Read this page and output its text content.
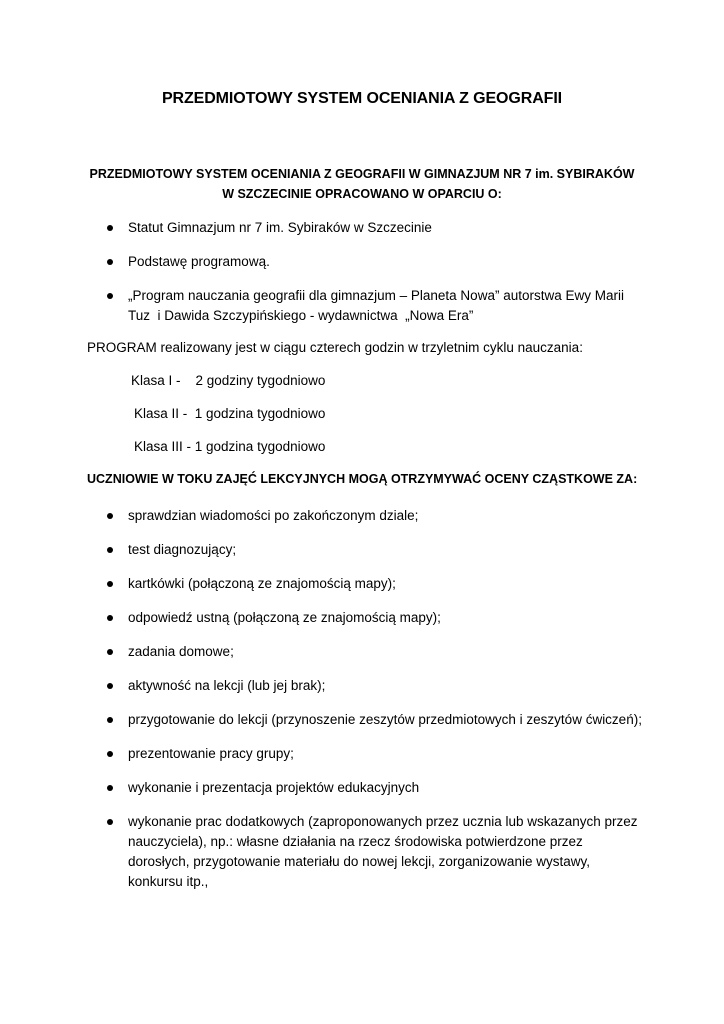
PRZEDMIOTOWY SYSTEM OCENIANIA Z GEOGRAFII
PRZEDMIOTOWY SYSTEM OCENIANIA Z GEOGRAFII W GIMNAZJUM NR 7 im. SYBIRAKÓW
W SZCZECINIE OPRACOWANO W OPARCIU O:
Statut Gimnazjum nr 7 im. Sybiraków w Szczecinie
Podstawę programową.
„Program nauczania geografii dla gimnazjum – Planeta Nowa” autorstwa Ewy Marii
Tuz  i Dawida Szczypińskiego - wydawnictwa  „Nowa Era”
PROGRAM realizowany jest w ciągu czterech godzin w trzyletnim cyklu nauczania:
Klasa I -    2 godziny tygodniowo
Klasa II -  1 godzina tygodniowo
Klasa III - 1 godzina tygodniowo
UCZNIOWIE W TOKU ZAJĘĆ LEKCYJNYCH MOGĄ OTRZYMYWAĆ OCENY CZĄSTKOWE ZA:
sprawdzian wiadomości po zakończonym dziale;
test diagnozujący;
kartkówki (połączoną ze znajomością mapy);
odpowiedź ustną (połączoną ze znajomością mapy);
zadania domowe;
aktywność na lekcji (lub jej brak);
przygotowanie do lekcji (przynoszenie zeszytów przedmiotowych i zeszytów ćwiczeń);
prezentowanie pracy grupy;
wykonanie i prezentacja projektów edukacyjnych
wykonanie prac dodatkowych (zaproponowanych przez ucznia lub wskazanych przez
nauczyciela), np.: własne działania na rzecz środowiska potwierdzone przez
dorosłych, przygotowanie materiału do nowej lekcji, zorganizowanie wystawy,
konkursu itp.,
